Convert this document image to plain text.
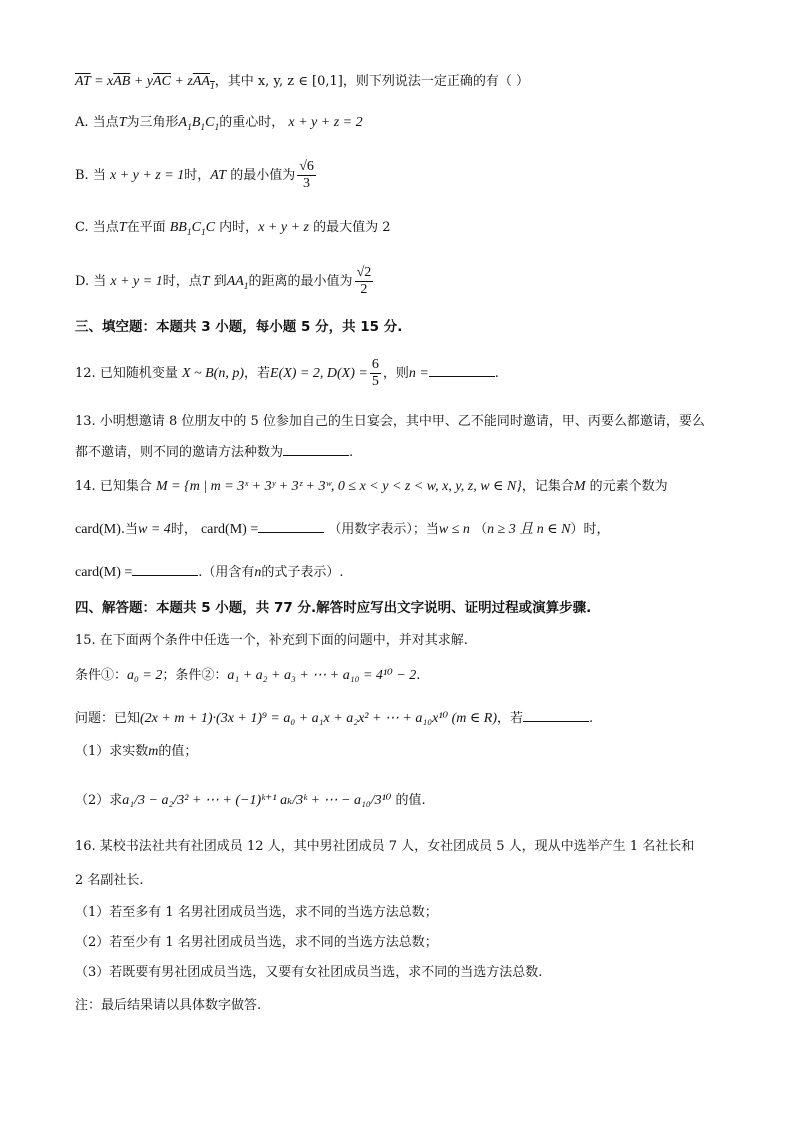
$\overline{AT} = x\overline{AB} + y\overline{AC} + zAA_1$，其中 x, y, z ∈ [0,1]，则下列说法一定正确的有（ ）
A. 当点T为三角形$A_1B_1C_1$的重心时， x + y + z = 2
B. 当 x + y + z = 1时，AT 的最小值为 $\frac{√6}{3}$
C. 当点T在平面 $BB_1C_1C$ 内时，x + y + z 的最大值为 2
D. 当 x + y = 1时，点T 到$AA_1$的距离的最小值为 $\frac{√2}{2}$
三、填空题：本题共 3 小题，每小题 5 分，共 15 分.
12. 已知随机变量 X ~ B(n, p)，若E(X) = 2, $D(X) = \frac{6}{5}$ ，则n =	.
13. 小明想邀请 8 位朋友中的 5 位参加自己的生日宴会，其中甲、乙不能同时邀请，甲、丙要么都邀请，要么
都不邀请，则不同的邀请方法种数为	.
14. 已知集合 M = {m | m = 3ˣ + 3ʸ + 3ᶻ + 3ʷ, 0 ≤ x < y < z < w, x, y, z, w ∈ N}，记集合M 的元素个数为
card(M).当w = 4时， card(M) =	（用数字表示）；当w ≤ n （n ≥ 3 且 n ∈ N）时，
card(M) =	.（用含有n的式子表示）.
四、解答题：本题共 5 小题，共 77 分.解答时应写出文字说明、证明过程或演算步骤.
15. 在下面两个条件中任选一个，补充到下面的问题中，并对其求解.
条件①：a₀ = 2；条件②：a₁ + a₂ + a₃ + ⋯ + a₁₀ = 4¹⁰ − 2.
问题：已知(2x + m + 1)·(3x + 1)⁹ = a₀ + a₁x + a₂x² + ⋯ + a₁₀x¹⁰ (m ∈ R)，若	.
（1）求实数m的值；
（2）求a₁/3 − a₂/3² + ⋯ + (−1)ᵏ⁺¹ aₖ/3ᵏ + ⋯ − a₁₀/3¹⁰ 的值.
16. 某校书法社共有社团成员 12 人，其中男社团成员 7 人，女社团成员 5 人，现从中选举产生 1 名社长和
2 名副社长.
（1）若至多有 1 名男社团成员当选，求不同的当选方法总数；
（2）若至少有 1 名男社团成员当选，求不同的当选方法总数；
（3）若既要有男社团成员当选，又要有女社团成员当选，求不同的当选方法总数.
注：最后结果请以具体数字做答.
